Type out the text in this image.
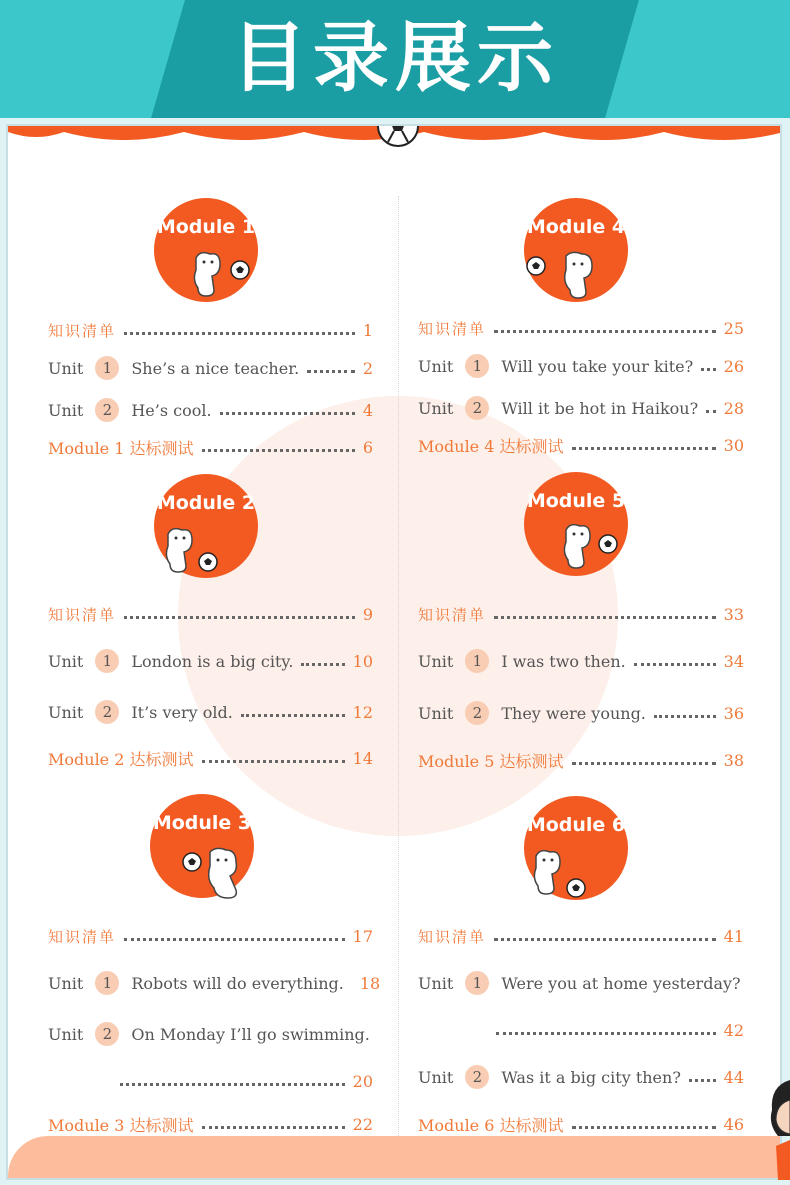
目录展示
Module 1
知识清单	1
Unit	1	She’s a nice teacher.	2
Unit	2	He’s cool.	4
Module 1 达标测试	6
Module 2
知识清单	9
Unit	1	London is a big city.	10
Unit	2	It’s very old.	12
Module 2 达标测试	14
Module 3
知识清单	17
Unit	1	Robots will do everything. 18
Unit	2	On Monday I’ll go swimming.
20
Module 3 达标测试	22
Module 4
知识清单	25
Unit	1	Will you take your kite? 26
Unit	2	Will it be hot in Haikou? 28
Module 4 达标测试	30
Module 5
知识清单	33
Unit	1	I was two then.	34
Unit	2	They were young.	36
Module 5 达标测试	38
Module 6
知识清单	41
Unit	1	Were you at home yesterday?
42
Unit	2	Was it a big city then?	44
Module 6 达标测试	46
